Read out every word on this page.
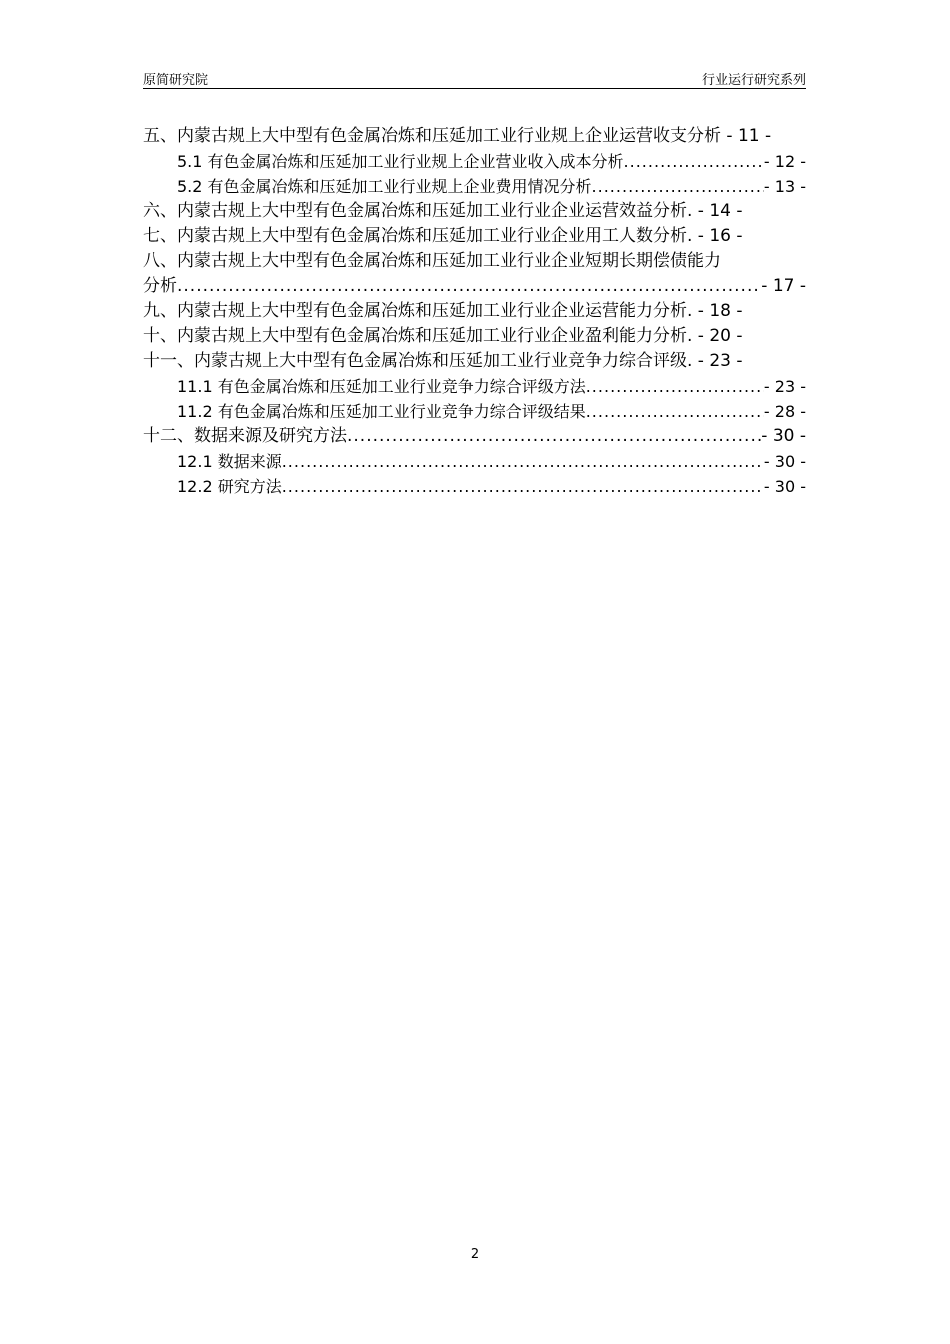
原简研究院	行业运行研究系列
五、内蒙古规上大中型有色金属冶炼和压延加工业行业规上企业运营收支分析 - 11 -
5.1 有色金属冶炼和压延加工业行业规上企业营业收入成本分析 .....	- 12 -
5.2 有色金属冶炼和压延加工业行业规上企业费用情况分析 .....	- 13 -
六、内蒙古规上大中型有色金属冶炼和压延加工业行业企业运营效益分析. - 14 -
七、内蒙古规上大中型有色金属冶炼和压延加工业行业企业用工人数分析. - 16 -
八、内蒙古规上大中型有色金属冶炼和压延加工业行业企业短期长期偿债能力
分析 .....	- 17 -
九、内蒙古规上大中型有色金属冶炼和压延加工业行业企业运营能力分析. - 18 -
十、内蒙古规上大中型有色金属冶炼和压延加工业行业企业盈利能力分析. - 20 -
十一、内蒙古规上大中型有色金属冶炼和压延加工业行业竞争力综合评级. - 23 -
11.1 有色金属冶炼和压延加工业行业竞争力综合评级方法 .....	- 23 -
11.2 有色金属冶炼和压延加工业行业竞争力综合评级结果 .....	- 28 -
十二、数据来源及研究方法 .....	- 30 -
12.1 数据来源 .....	- 30 -
12.2 研究方法 .....	- 30 -
2
